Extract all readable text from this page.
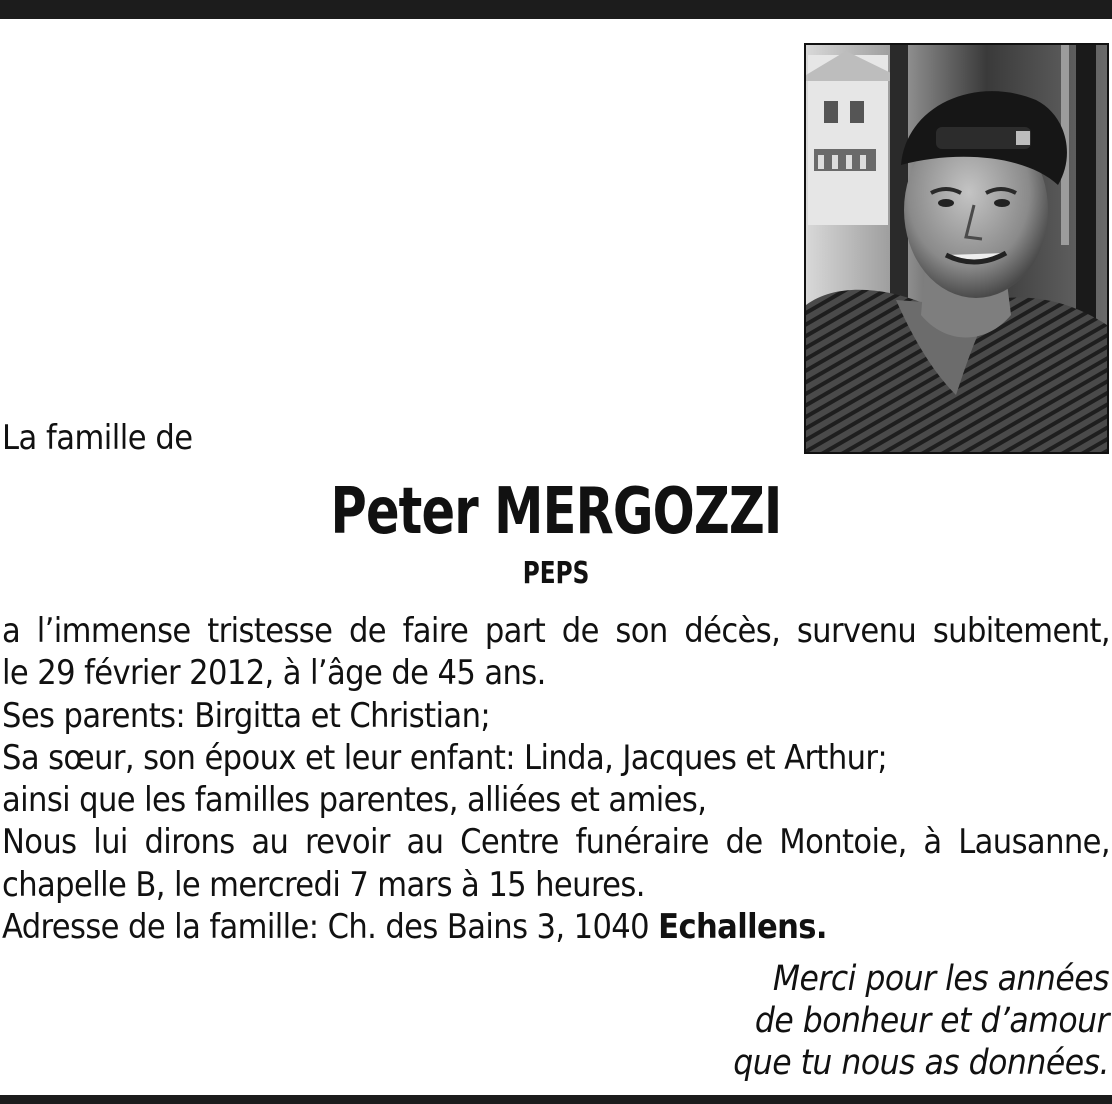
La famille de
Peter MERGOZZI
PEPS
a l’immense tristesse de faire part de son décès, survenu subitement,
le 29 février 2012, à l’âge de 45 ans.
Ses parents: Birgitta et Christian;
Sa sœur, son époux et leur enfant: Linda, Jacques et Arthur;
ainsi que les familles parentes, alliées et amies,
Nous lui dirons au revoir au Centre funéraire de Montoie, à Lausanne,
chapelle B, le mercredi 7 mars à 15 heures.
Adresse de la famille: Ch. des Bains 3, 1040 Echallens.
Merci pour les années
de bonheur et d’amour
que tu nous as données.
